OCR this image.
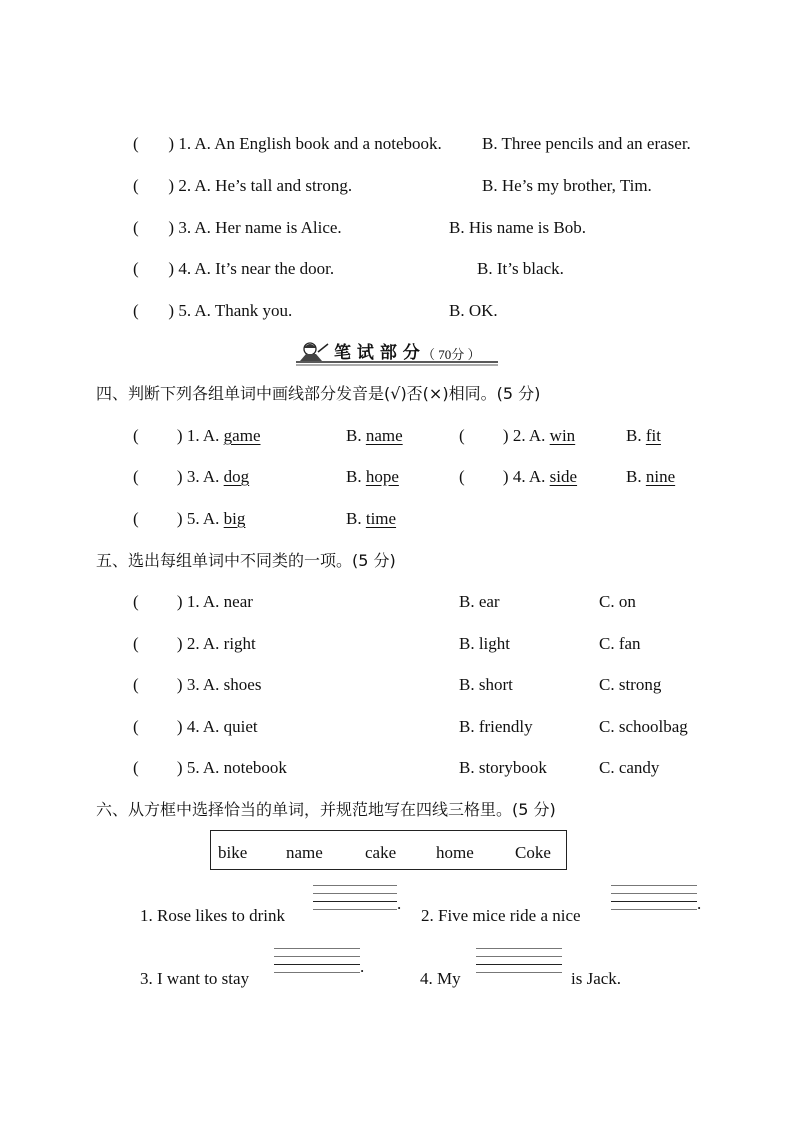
(       ) 1. A. An English book and a notebook. B. Three pencils and an eraser.
(       ) 2. A. He’s tall and strong.	B. He’s my brother, Tim.
(       ) 3. A. Her name is Alice.	B. His name is Bob.
(       ) 4. A. It’s near the door.	B. It’s black.
(       ) 5. A. Thank you.	B. OK.
笔 试 部 分 （ 70分 ）
四、判断下列各组单词中画线部分发音是(√)否(×)相同。(5 分)
(         ) 1. A. game	B. name	(         ) 2. A. win	B. fit
(         ) 3. A. dog	B. hope	(         ) 4. A. side	B. nine
(         ) 5. A. big	B. time
五、选出每组单词中不同类的一项。(5 分)
(         ) 1. A. near	B. ear	C. on
(         ) 2. A. right	B. light	C. fan
(         ) 3. A. shoes	B. short	C. strong
(         ) 4. A. quiet	B. friendly	C. schoolbag
(         ) 5. A. notebook	B. storybook	C. candy
六、从方框中选择恰当的单词，并规范地写在四线三格里。(5 分)
bike name cake home Coke
1. Rose likes to drink
.
2. Five mice ride a nice
.
3. I want to stay
.
4. My	is Jack.
